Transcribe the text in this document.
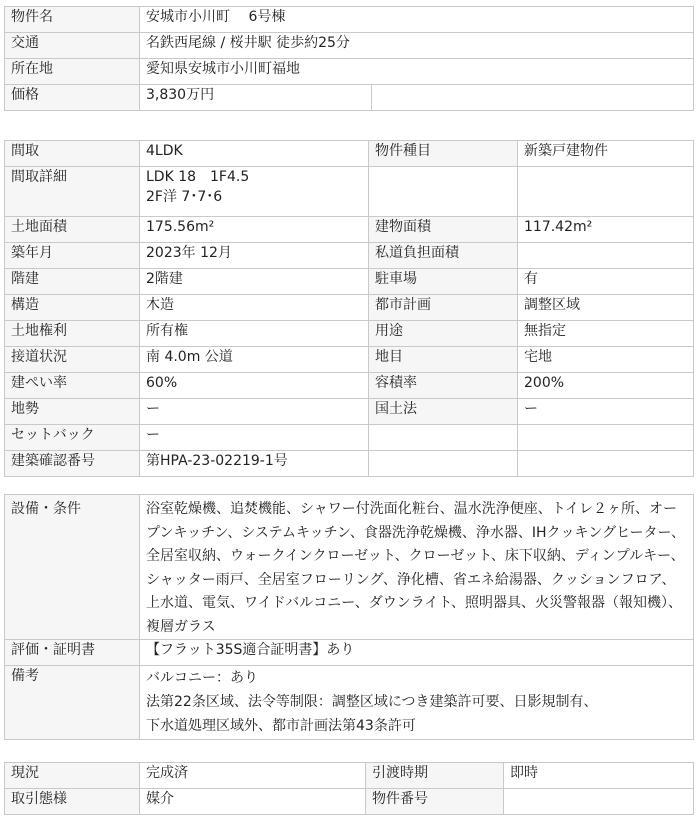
物件名	安城市小川町　 6号棟	

交通	名鉄西尾線 / 桜井駅 徒歩約25分	

所在地	愛知県安城市小川町福地	

価格	3,830万円	

間取	4LDK	物件種目	新築戸建物件

間取詳細	LDK 18　1F4.5
2F洋 7･7･6		

土地面積	175.56m²	建物面積	117.42m²

築年月	2023年 12月	私道負担面積	

階建	2階建	駐車場	有

構造	木造	都市計画	調整区域

土地権利	所有権	用途	無指定

接道状況	南 4.0m 公道	地目	宅地

建ぺい率	60%	容積率	200%

地勢	ー	国土法	ー

セットバック	ー		

建築確認番号	第HPA-23-02219-1号		

設備・条件	浴室乾燥機、追焚機能、シャワー付洗面化粧台、温水洗浄便座、トイレ２ヶ所、オープンキッチン、システムキッチン、食器洗浄乾燥機、浄水器、IHクッキングヒーター、全居室収納、ウォークインクローゼット、クローゼット、床下収納、ディンプルキー、シャッター雨戸、全居室フローリング、浄化槽、省エネ給湯器、クッションフロア、上水道、電気、ワイドバルコニー、ダウンライト、照明器具、火災警報器（報知機）、複層ガラス

評価・証明書	【フラット35S適合証明書】あり

備考	バルコニー：あり
法第22条区域、法令等制限：調整区域につき建築許可要、日影規制有、
下水道処理区域外、都市計画法第43条許可
現況	完成済	引渡時期	即時

取引態様	媒介	物件番号	
